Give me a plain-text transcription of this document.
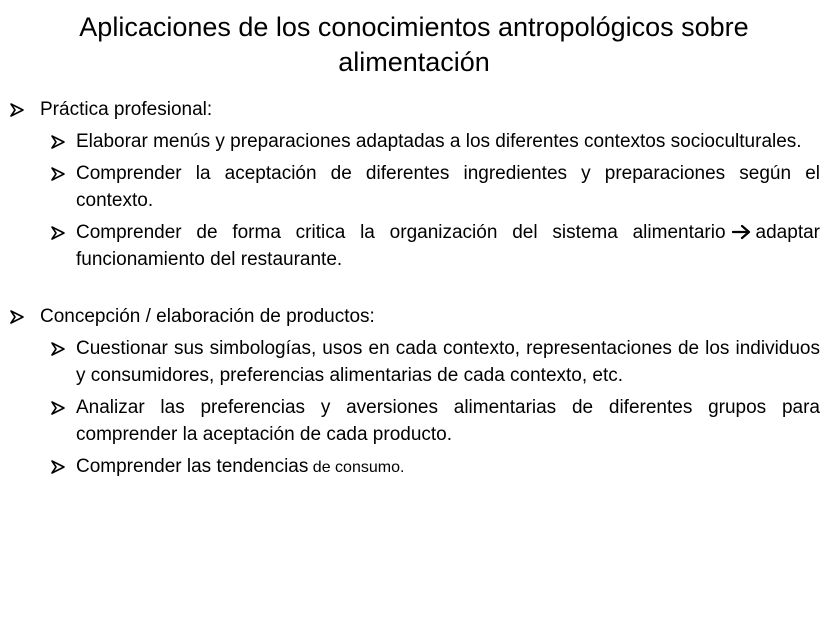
Aplicaciones de los conocimientos antropológicos sobre alimentación
Práctica profesional:
Elaborar menús y preparaciones adaptadas a los diferentes contextos socioculturales.
Comprender la aceptación de diferentes ingredientes y preparaciones según el contexto.
Comprender de forma critica la organización del sistema alimentario adaptar funcionamiento del restaurante.
Concepción / elaboración de productos:
Cuestionar sus simbologías, usos en cada contexto, representaciones de los individuos y consumidores, preferencias alimentarias de cada contexto, etc.
Analizar las preferencias y aversiones alimentarias de diferentes grupos para comprender la aceptación de cada producto.
Comprender las tendencias de consumo.
